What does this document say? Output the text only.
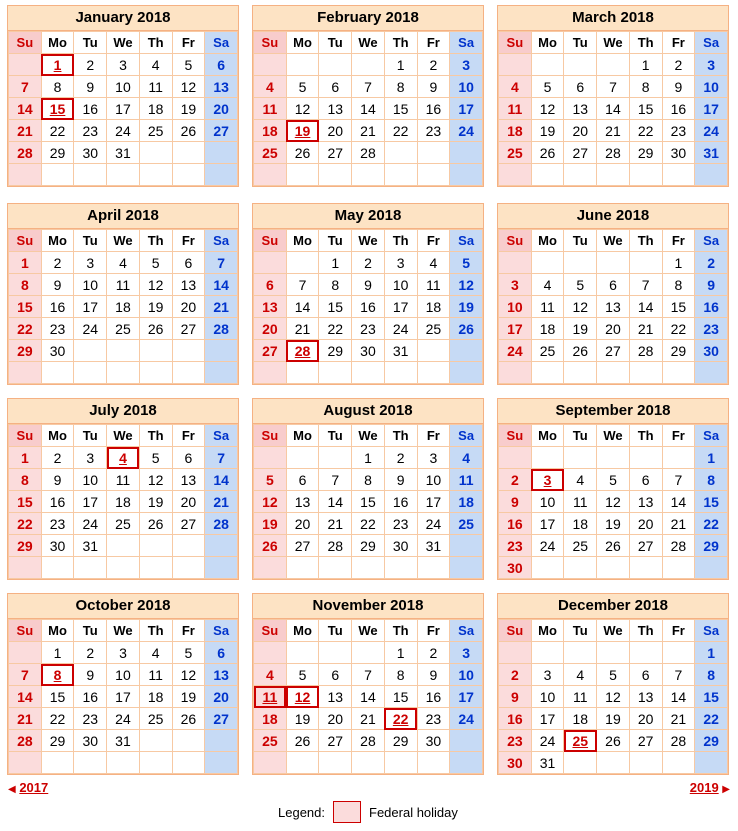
January 2018
Su	Mo	Tu	We	Th	Fr	Sa
	1	2	3	4	5	6
7	8	9	10	11	12	13
14	15	16	17	18	19	20
21	22	23	24	25	26	27
28	29	30	31			

February 2018
Su	Mo	Tu	We	Th	Fr	Sa
				1	2	3
4	5	6	7	8	9	10
11	12	13	14	15	16	17
18	19	20	21	22	23	24
25	26	27	28			

March 2018
Su	Mo	Tu	We	Th	Fr	Sa
				1	2	3
4	5	6	7	8	9	10
11	12	13	14	15	16	17
18	19	20	21	22	23	24
25	26	27	28	29	30	31

April 2018
Su	Mo	Tu	We	Th	Fr	Sa
1	2	3	4	5	6	7
8	9	10	11	12	13	14
15	16	17	18	19	20	21
22	23	24	25	26	27	28
29	30					

May 2018
Su	Mo	Tu	We	Th	Fr	Sa
		1	2	3	4	5
6	7	8	9	10	11	12
13	14	15	16	17	18	19
20	21	22	23	24	25	26
27	28	29	30	31		

June 2018
Su	Mo	Tu	We	Th	Fr	Sa
					1	2
3	4	5	6	7	8	9
10	11	12	13	14	15	16
17	18	19	20	21	22	23
24	25	26	27	28	29	30

July 2018
Su	Mo	Tu	We	Th	Fr	Sa
1	2	3	4	5	6	7
8	9	10	11	12	13	14
15	16	17	18	19	20	21
22	23	24	25	26	27	28
29	30	31				

August 2018
Su	Mo	Tu	We	Th	Fr	Sa
			1	2	3	4
5	6	7	8	9	10	11
12	13	14	15	16	17	18
19	20	21	22	23	24	25
26	27	28	29	30	31	

September 2018
Su	Mo	Tu	We	Th	Fr	Sa
						1
2	3	4	5	6	7	8
9	10	11	12	13	14	15
16	17	18	19	20	21	22
23	24	25	26	27	28	29
30						
October 2018
Su	Mo	Tu	We	Th	Fr	Sa
	1	2	3	4	5	6
7	8	9	10	11	12	13
14	15	16	17	18	19	20
21	22	23	24	25	26	27
28	29	30	31			

November 2018
Su	Mo	Tu	We	Th	Fr	Sa
				1	2	3
4	5	6	7	8	9	10
11	12	13	14	15	16	17
18	19	20	21	22	23	24
25	26	27	28	29	30	

December 2018
Su	Mo	Tu	We	Th	Fr	Sa
						1
2	3	4	5	6	7	8
9	10	11	12	13	14	15
16	17	18	19	20	21	22
23	24	25	26	27	28	29
30	31					
◀ 2017	2019 ▶
Legend:	Federal holiday
